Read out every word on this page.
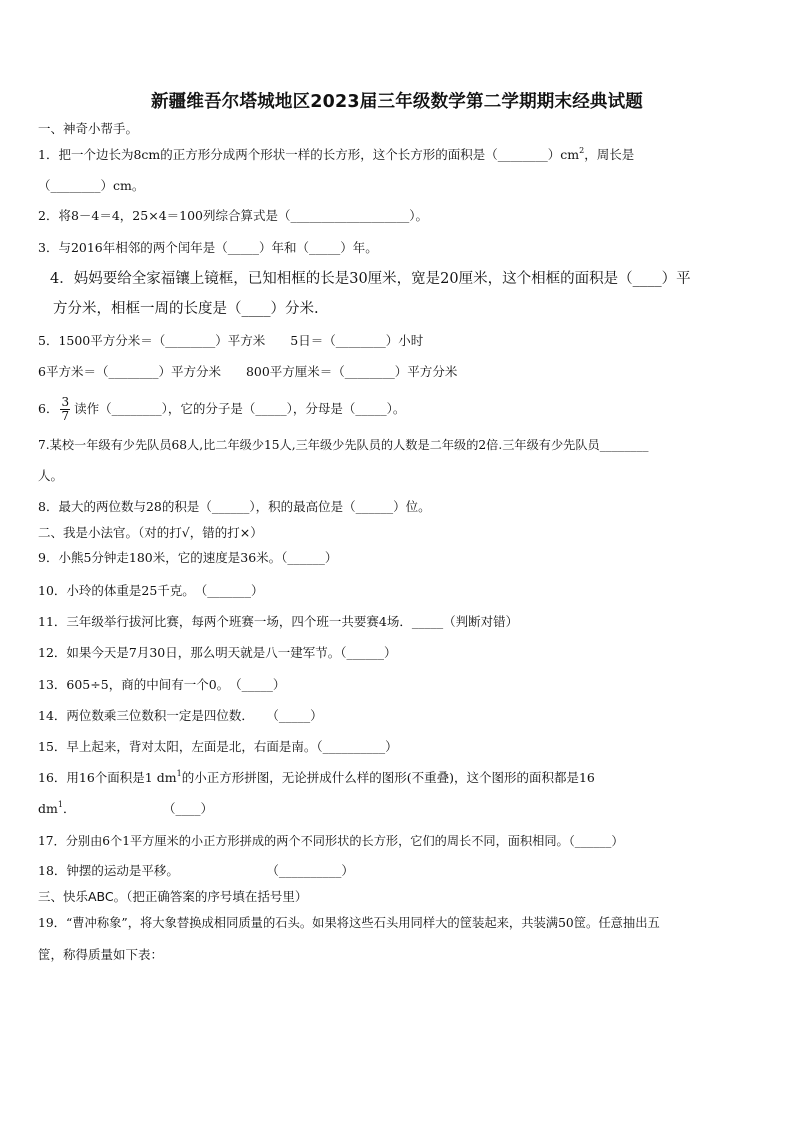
新疆维吾尔塔城地区2023届三年级数学第二学期期末经典试题
一、神奇小帮手。
1．把一个边长为8cm的正方形分成两个形状一样的长方形，这个长方形的面积是$(\_\_\_\_\_\_\_\_)cm^2$，周长是
（________）cm。
2．将8－4＝4，25×4＝100列综合算式是（___________________）。
3．与2016年相邻的两个闰年是（_____）年和（_____）年。
4．妈妈要给全家福镶上镜框，已知相框的长是30厘米，宽是20厘米，这个相框的面积是（____）平
方分米，相框一周的长度是（____）分米.
5．1500平方分米＝（________）平方米　　5日＝（________）小时
6平方米＝（________）平方分米　　800平方厘米＝（________）平方分米
6． $\frac{3}{7}$ 读作（________），它的分子是（_____），分母是（_____）。
7.某校一年级有少先队员68人,比二年级少15人,三年级少先队员的人数是二年级的2倍.三年级有少先队员________
人。
8．最大的两位数与28的积是（______），积的最高位是（______）位。
二、我是小法官。（对的打√，错的打×）
9．小熊5分钟走180米，它的速度是36米。（______）
10．小玲的体重是25千克。　（_______）
11．三年级举行拔河比赛，每两个班赛一场，四个班一共要赛4场．_____（判断对错）
12．如果今天是7月30日，那么明天就是八一建军节。（______）
13．605÷5，商的中间有一个0。　（_____）
14．两位数乘三位数积一定是四位数．　　（_____）
15．早上起来，背对太阳，左面是北，右面是南。（__________）
16．用16个面积是1 $dm^1$的小正方形拼图，无论拼成什么样的图形(不重叠)，这个图形的面积都是16
$dm^1$．　　　　　　　　（____）
17．分别由6个1平方厘米的小正方形拼成的两个不同形状的长方形，它们的周长不同，面积相同。（______）
18．钟摆的运动是平移。　　　　　　　　（__________）
三、快乐ABC。（把正确答案的序号填在括号里）
19．“曹冲称象”，将大象替换成相同质量的石头。如果将这些石头用同样大的筐装起来，共装满50筐。任意抽出五
筐，称得质量如下表：
